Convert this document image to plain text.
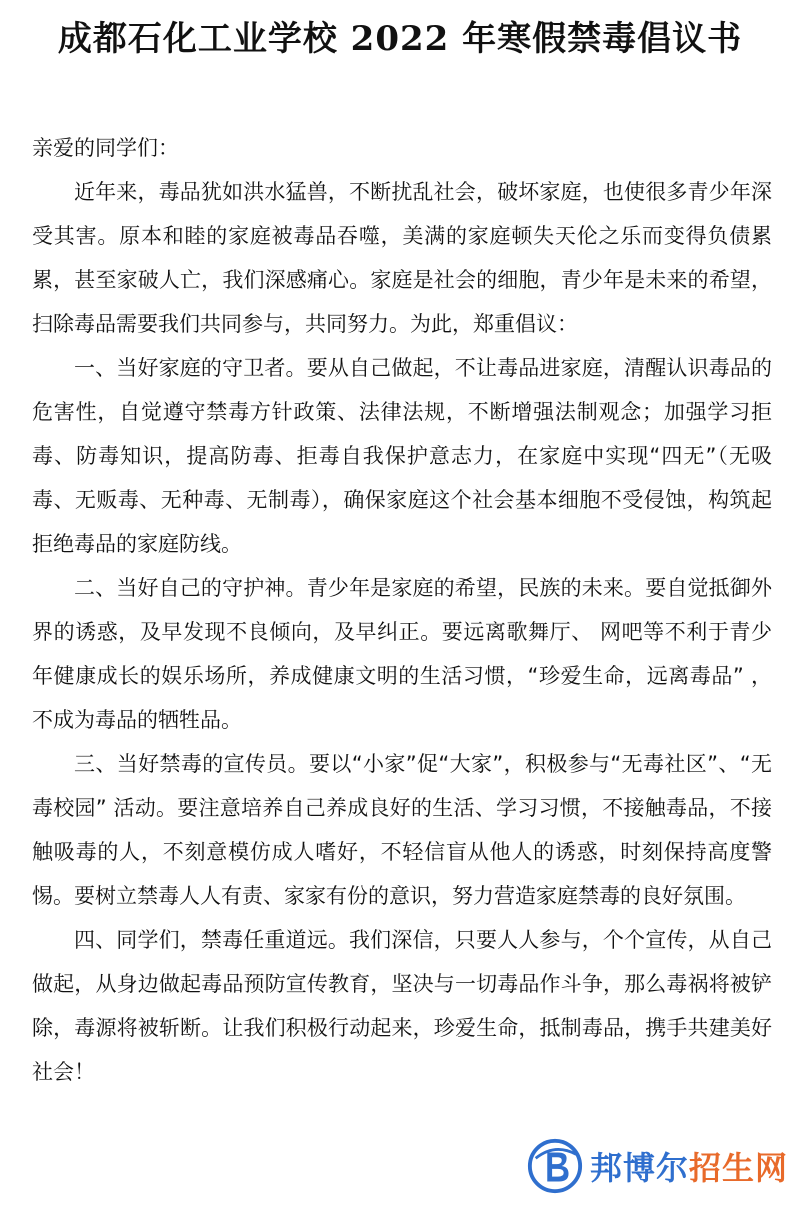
成都石化工业学校 2022 年寒假禁毒倡议书

亲爱的同学们：

近年来，毒品犹如洪水猛兽，不断扰乱社会，破坏家庭，也使很多青少年深受其害。原本和睦的家庭被毒品吞噬，美满的家庭顿失天伦之乐而变得负债累累，甚至家破人亡，我们深感痛心。家庭是社会的细胞，青少年是未来的希望，扫除毒品需要我们共同参与，共同努力。为此，郑重倡议：

一、当好家庭的守卫者。要从自己做起，不让毒品进家庭，清醒认识毒品的危害性，自觉遵守禁毒方针政策、法律法规，不断增强法制观念；加强学习拒毒、防毒知识，提高防毒、拒毒自我保护意志力，在家庭中实现“四无”（无吸毒、无贩毒、无种毒、无制毒），确保家庭这个社会基本细胞不受侵蚀，构筑起拒绝毒品的家庭防线。

二、当好自己的守护神。青少年是家庭的希望，民族的未来。要自觉抵御外界的诱惑，及早发现不良倾向，及早纠正。要远离歌舞厅、 网吧等不利于青少年健康成长的娱乐场所，养成健康文明的生活习惯，“珍爱生命，远离毒品” ，不成为毒品的牺牲品。

三、当好禁毒的宣传员。要以“小家”促“大家”，积极参与“无毒社区”、“无毒校园” 活动。要注意培养自己养成良好的生活、学习习惯，不接触毒品，不接触吸毒的人，不刻意模仿成人嗜好，不轻信盲从他人的诱惑，时刻保持高度警惕。要树立禁毒人人有责、家家有份的意识，努力营造家庭禁毒的良好氛围。

四、同学们，禁毒任重道远。我们深信，只要人人参与，个个宣传，从自己做起，从身边做起毒品预防宣传教育，坚决与一切毒品作斗争，那么毒祸将被铲除，毒源将被斩断。让我们积极行动起来，珍爱生命，抵制毒品，携手共建美好社会！

邦博尔招生网
